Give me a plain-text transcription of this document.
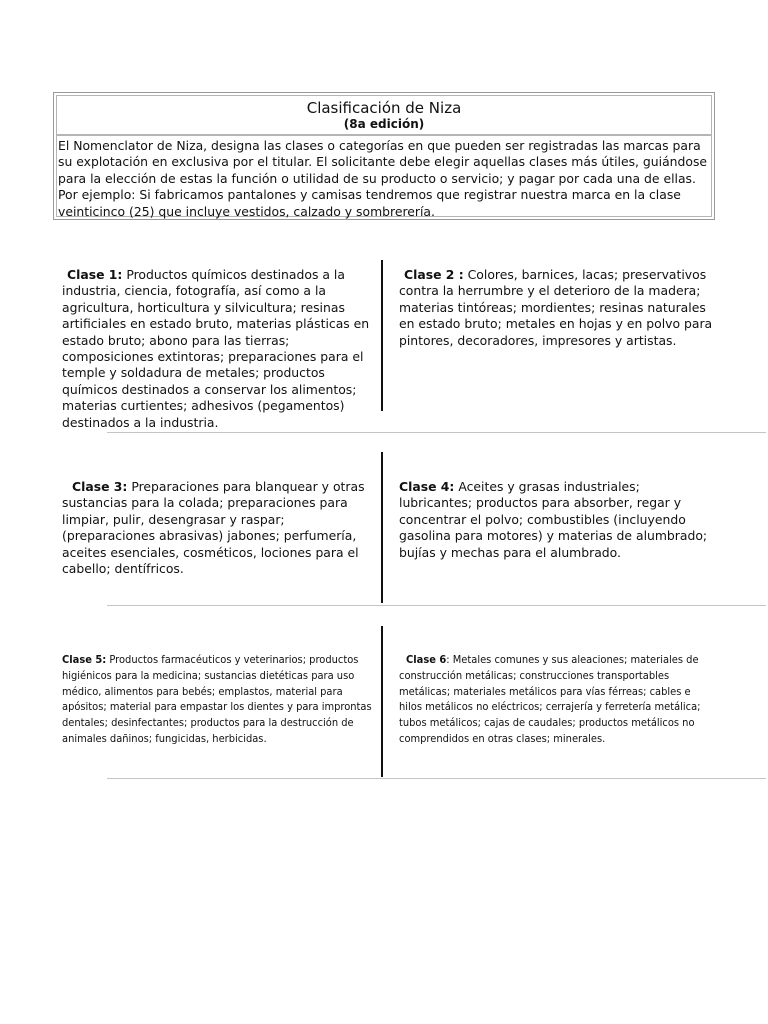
Clasificación de Niza
(8a edición)

El Nomenclator de Niza, designa las clases o categorías en que pueden ser registradas las marcas para su explotación en exclusiva por el titular. El solicitante debe elegir aquellas clases más útiles, guiándose para la elección de estas la función o utilidad de su producto o servicio; y pagar por cada una de ellas. Por ejemplo: Si fabricamos pantalones y camisas tendremos que registrar nuestra marca en la clase veinticinco (25) que incluye vestidos, calzado y sombrerería.

Clase 1: Productos químicos destinados a la industria, ciencia, fotografía, así como a la agricultura, horticultura y silvicultura; resinas artificiales en estado bruto, materias plásticas en estado bruto; abono para las tierras; composiciones extintoras; preparaciones para el temple y soldadura de metales; productos químicos destinados a conservar los alimentos; materias curtientes; adhesivos (pegamentos) destinados a la industria.

Clase 2 : Colores, barnices, lacas; preservativos contra la herrumbre y el deterioro de la madera; materias tintóreas; mordientes; resinas naturales en estado bruto; metales en hojas y en polvo para pintores, decoradores, impresores y artistas.

Clase 3: Preparaciones para blanquear y otras sustancias para la colada; preparaciones para limpiar, pulir, desengrasar y raspar; (preparaciones abrasivas) jabones; perfumería, aceites esenciales, cosméticos, lociones para el cabello; dentífricos.

Clase 4: Aceites y grasas industriales; lubricantes; productos para absorber, regar y concentrar el polvo; combustibles (incluyendo gasolina para motores) y materias de alumbrado; bujías y mechas para el alumbrado.

Clase 5: Productos farmacéuticos y veterinarios; productos higiénicos para la medicina; sustancias dietéticas para uso médico, alimentos para bebés; emplastos, material para apósitos; material para empastar los dientes y para improntas dentales; desinfectantes; productos para la destrucción de animales dañinos; fungicidas, herbicidas.

Clase 6: Metales comunes y sus aleaciones; materiales de construcción metálicas; construcciones transportables metálicas; materiales metálicos para vías férreas; cables e hilos metálicos no eléctricos; cerrajería y ferretería metálica; tubos metálicos; cajas de caudales; productos metálicos no comprendidos en otras clases; minerales.
